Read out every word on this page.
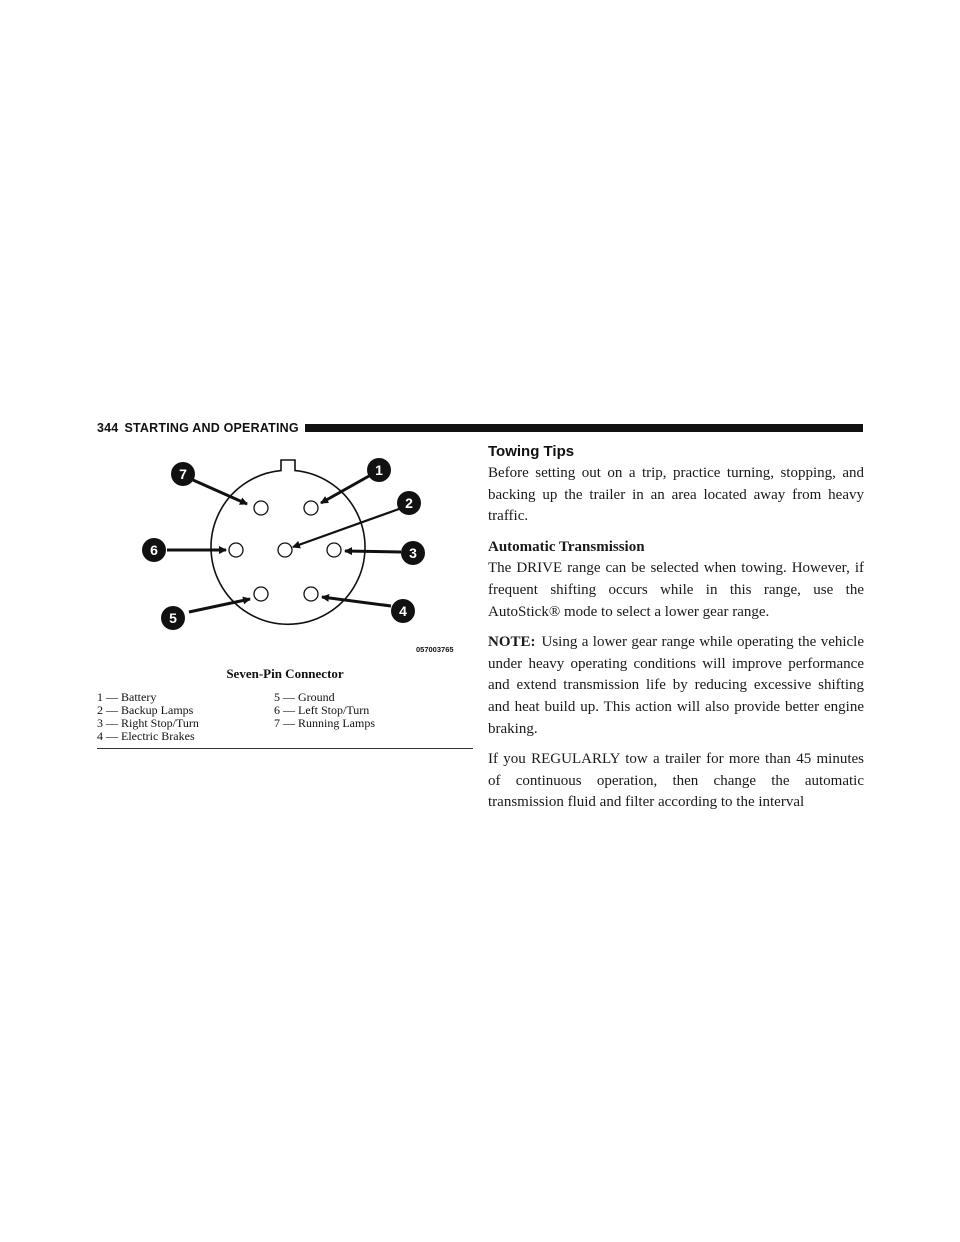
344 STARTING AND OPERATING
7	1
2
6	3
5	4
057003765
Seven-Pin Connector
1 — Battery
2 — Backup Lamps
3 — Right Stop/Turn
4 — Electric Brakes
5 — Ground
6 — Left Stop/Turn
7 — Running Lamps
Towing Tips

Before setting out on a trip, practice turning, stopping, and backing up the trailer in an area located away from heavy traffic.

Automatic Transmission

The DRIVE range can be selected when towing. However, if frequent shifting occurs while in this range, use the AutoStick® mode to select a lower gear range.

NOTE: Using a lower gear range while operating the vehicle under heavy operating conditions will improve performance and extend transmission life by reducing excessive shifting and heat build up. This action will also provide better engine braking.

If you REGULARLY tow a trailer for more than 45 minutes of continuous operation, then change the automatic transmission fluid and filter according to the interval
